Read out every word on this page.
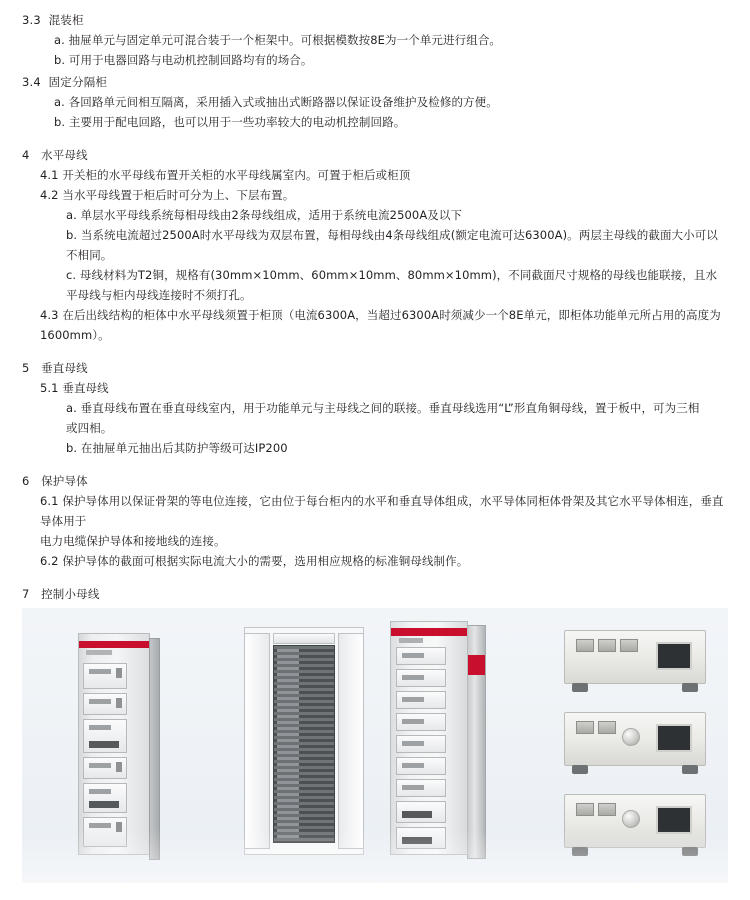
3.3  混装柜
a. 抽屉单元与固定单元可混合装于一个柜架中。可根据模数按8E为一个单元进行组合。
b. 可用于电器回路与电动机控制回路均有的场合。
3.4  固定分隔柜
a. 各回路单元间相互隔离，采用插入式或抽出式断路器以保证设备维护及检修的方便。
b. 主要用于配电回路，也可以用于一些功率较大的电动机控制回路。
4   水平母线
4.1 开关柜的水平母线布置开关柜的水平母线属室内。可置于柜后或柜顶
4.2 当水平母线置于柜后时可分为上、下层布置。
a. 单层水平母线系统每相母线由2条母线组成，适用于系统电流2500A及以下
b. 当系统电流超过2500A时水平母线为双层布置，每相母线由4条母线组成(额定电流可达6300A)。两层主母线的截面大小可以不相同。
c. 母线材料为T2铜，规格有(30mm×10mm、60mm×10mm、80mm×10mm)，不同截面尺寸规格的母线也能联接，且水平母线与柜内母线连接时不须打孔。
4.3 在后出线结构的柜体中水平母线须置于柜顶（电流6300A，当超过6300A时须减少一个8E单元，即柜体功能单元所占用的高度为1600mm）。
5   垂直母线
5.1 垂直母线
a. 垂直母线布置在垂直母线室内，用于功能单元与主母线之间的联接。垂直母线选用“L”形直角铜母线，置于板中，可为三相
或四相。
b. 在抽屉单元抽出后其防护等级可达IP200
6   保护导体
6.1 保护导体用以保证骨架的等电位连接，它由位于每台柜内的水平和垂直导体组成，水平导体同柜体骨架及其它水平导体相连，垂直导体用于
电力电缆保护导体和接地线的连接。
6.2 保护导体的截面可根据实际电流大小的需要，选用相应规格的标准铜母线制作。
7   控制小母线
